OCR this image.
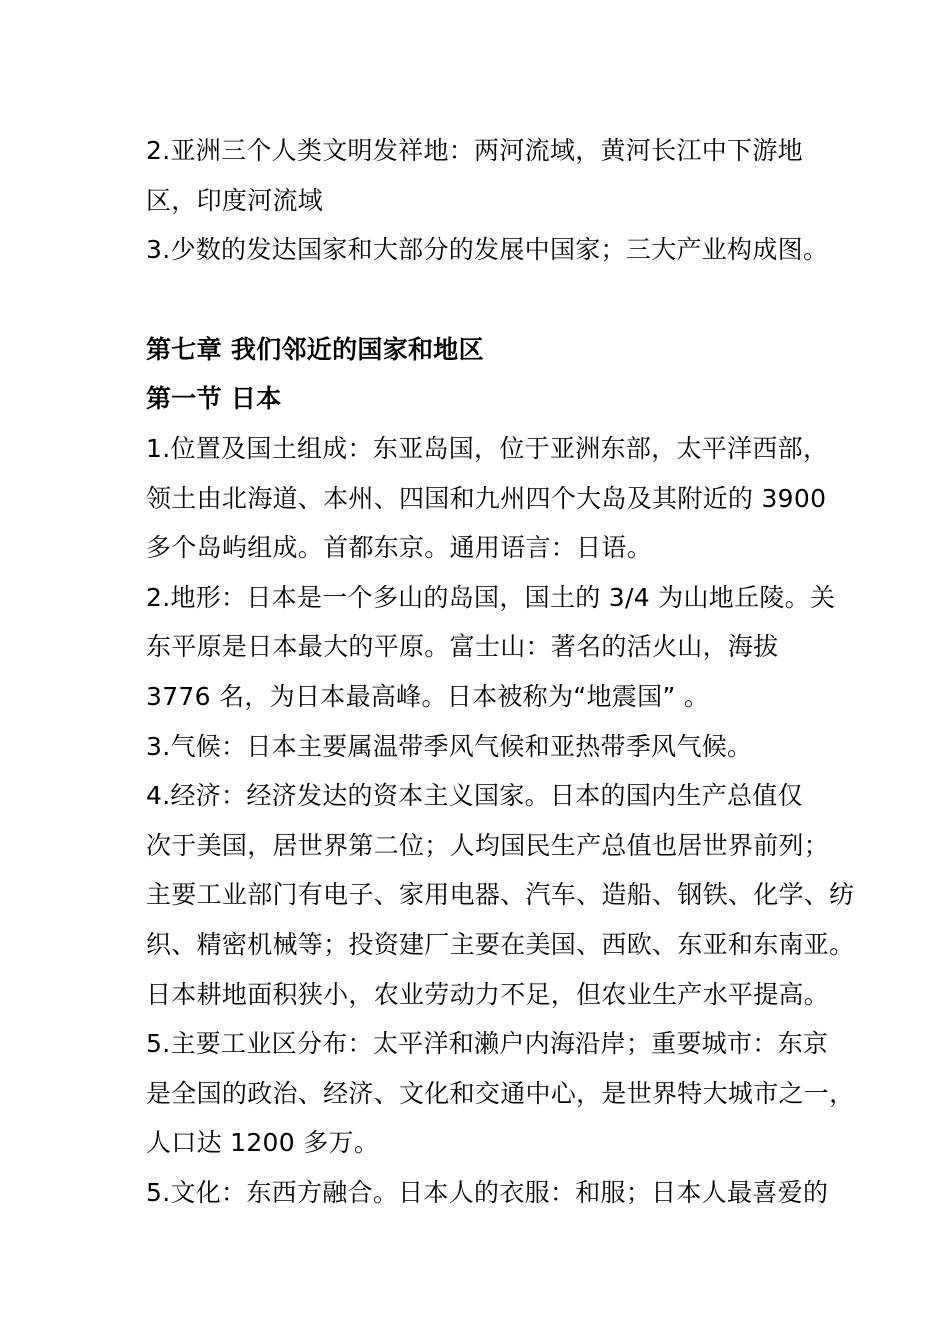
2.亚洲三个人类文明发祥地：两河流域，黄河长江中下游地
区，印度河流域
3.少数的发达国家和大部分的发展中国家；三大产业构成图。
第七章 我们邻近的国家和地区
第一节 日本
1.位置及国土组成：东亚岛国，位于亚洲东部，太平洋西部，
领土由北海道、本州、四国和九州四个大岛及其附近的 3900
多个岛屿组成。首都东京。通用语言：日语。
2.地形：日本是一个多山的岛国，国土的 3/4 为山地丘陵。关
东平原是日本最大的平原。富士山：著名的活火山，海拔
3776 名，为日本最高峰。日本被称为“地震国” 。
3.气候：日本主要属温带季风气候和亚热带季风气候。
4.经济：经济发达的资本主义国家。日本的国内生产总值仅
次于美国，居世界第二位；人均国民生产总值也居世界前列；
主要工业部门有电子、家用电器、汽车、造船、钢铁、化学、纺
织、精密机械等；投资建厂主要在美国、西欧、东亚和东南亚。
日本耕地面积狭小，农业劳动力不足，但农业生产水平提高。
5.主要工业区分布：太平洋和濑户内海沿岸；重要城市：东京
是全国的政治、经济、文化和交通中心，是世界特大城市之一，
人口达 1200 多万。
5.文化：东西方融合。日本人的衣服：和服；日本人最喜爱的
